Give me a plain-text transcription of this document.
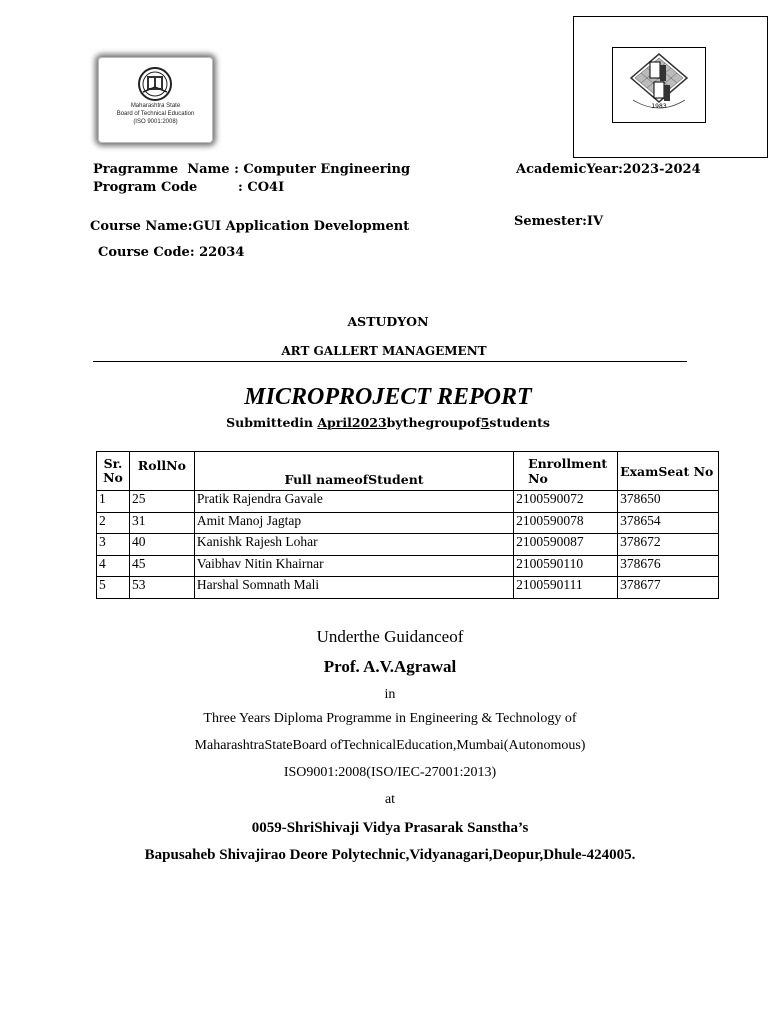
Maharashtra State
Board of Technical Education
(ISO 9001:2008)
1983
Pragramme  Name : Computer Engineering
Program Code         : CO4I
AcademicYear:2023-2024
Course Name:GUI Application Development	Semester:IV
Course Code: 22034
ASTUDYON
ART GALLERT MANAGEMENT
MICROPROJECT REPORT
Submittedin April2023bythegroupof5students
Sr. No	RollNo	Full nameofStudent	Enrollment No	ExamSeat No
1	25	Pratik Rajendra Gavale	2100590072	378650
2	31	Amit Manoj Jagtap	2100590078	378654
3	40	Kanishk Rajesh Lohar	2100590087	378672
4	45	Vaibhav Nitin Khairnar	2100590110	378676
5	53	Harshal Somnath Mali	2100590111	378677
Underthe Guidanceof
Prof. A.V.Agrawal
in
Three Years Diploma Programme in Engineering & Technology of
MaharashtraStateBoard ofTechnicalEducation,Mumbai(Autonomous)
ISO9001:2008(ISO/IEC-27001:2013)
at
0059-ShriShivaji Vidya Prasarak Sanstha’s
Bapusaheb Shivajirao Deore Polytechnic,Vidyanagari,Deopur,Dhule-424005.
